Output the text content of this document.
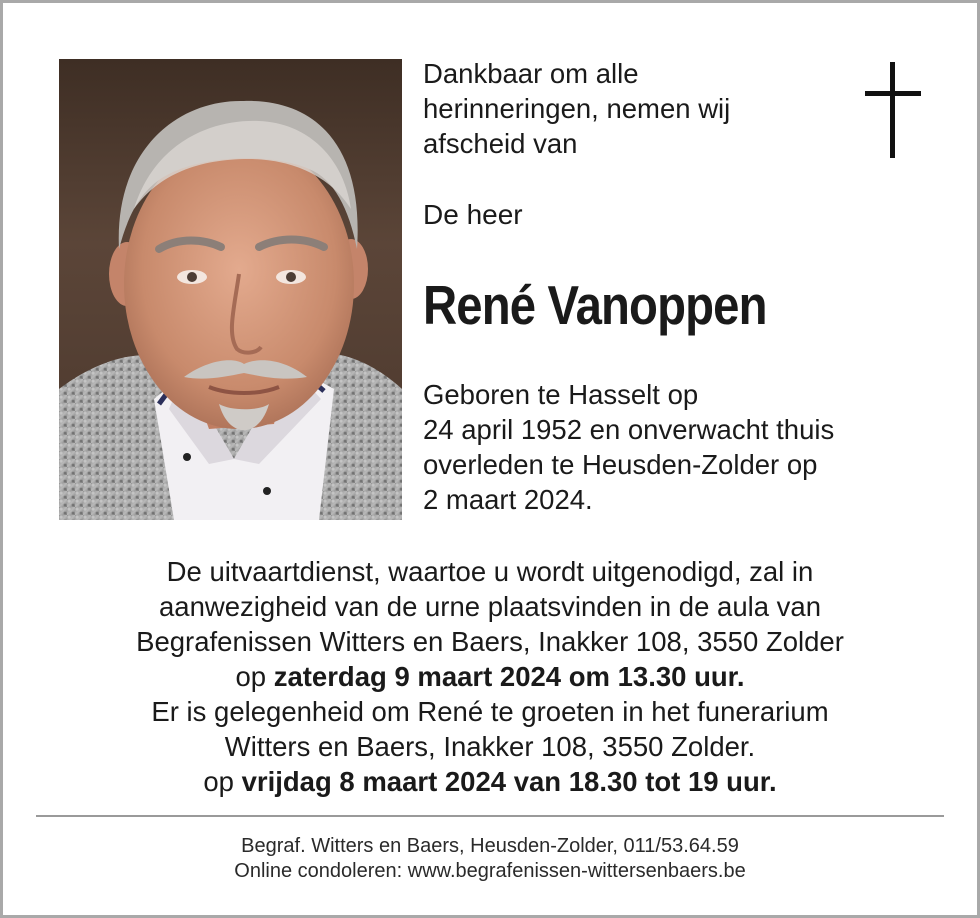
Dankbaar om alle
herinneringen, nemen wij
afscheid van
De heer
René Vanoppen
Geboren te Hasselt op
24 april 1952 en onverwacht thuis
overleden te Heusden-Zolder op
2 maart 2024.
De uitvaartdienst, waartoe u wordt uitgenodigd, zal in
aanwezigheid van de urne plaatsvinden in de aula van
Begrafenissen Witters en Baers, Inakker 108, 3550 Zolder
op zaterdag 9 maart 2024 om 13.30 uur.
Er is gelegenheid om René te groeten in het funerarium
Witters en Baers, Inakker 108, 3550 Zolder.
op vrijdag 8 maart 2024 van 18.30 tot 19 uur.
Begraf. Witters en Baers, Heusden-Zolder, 011/53.64.59
Online condoleren: www.begrafenissen-wittersenbaers.be
